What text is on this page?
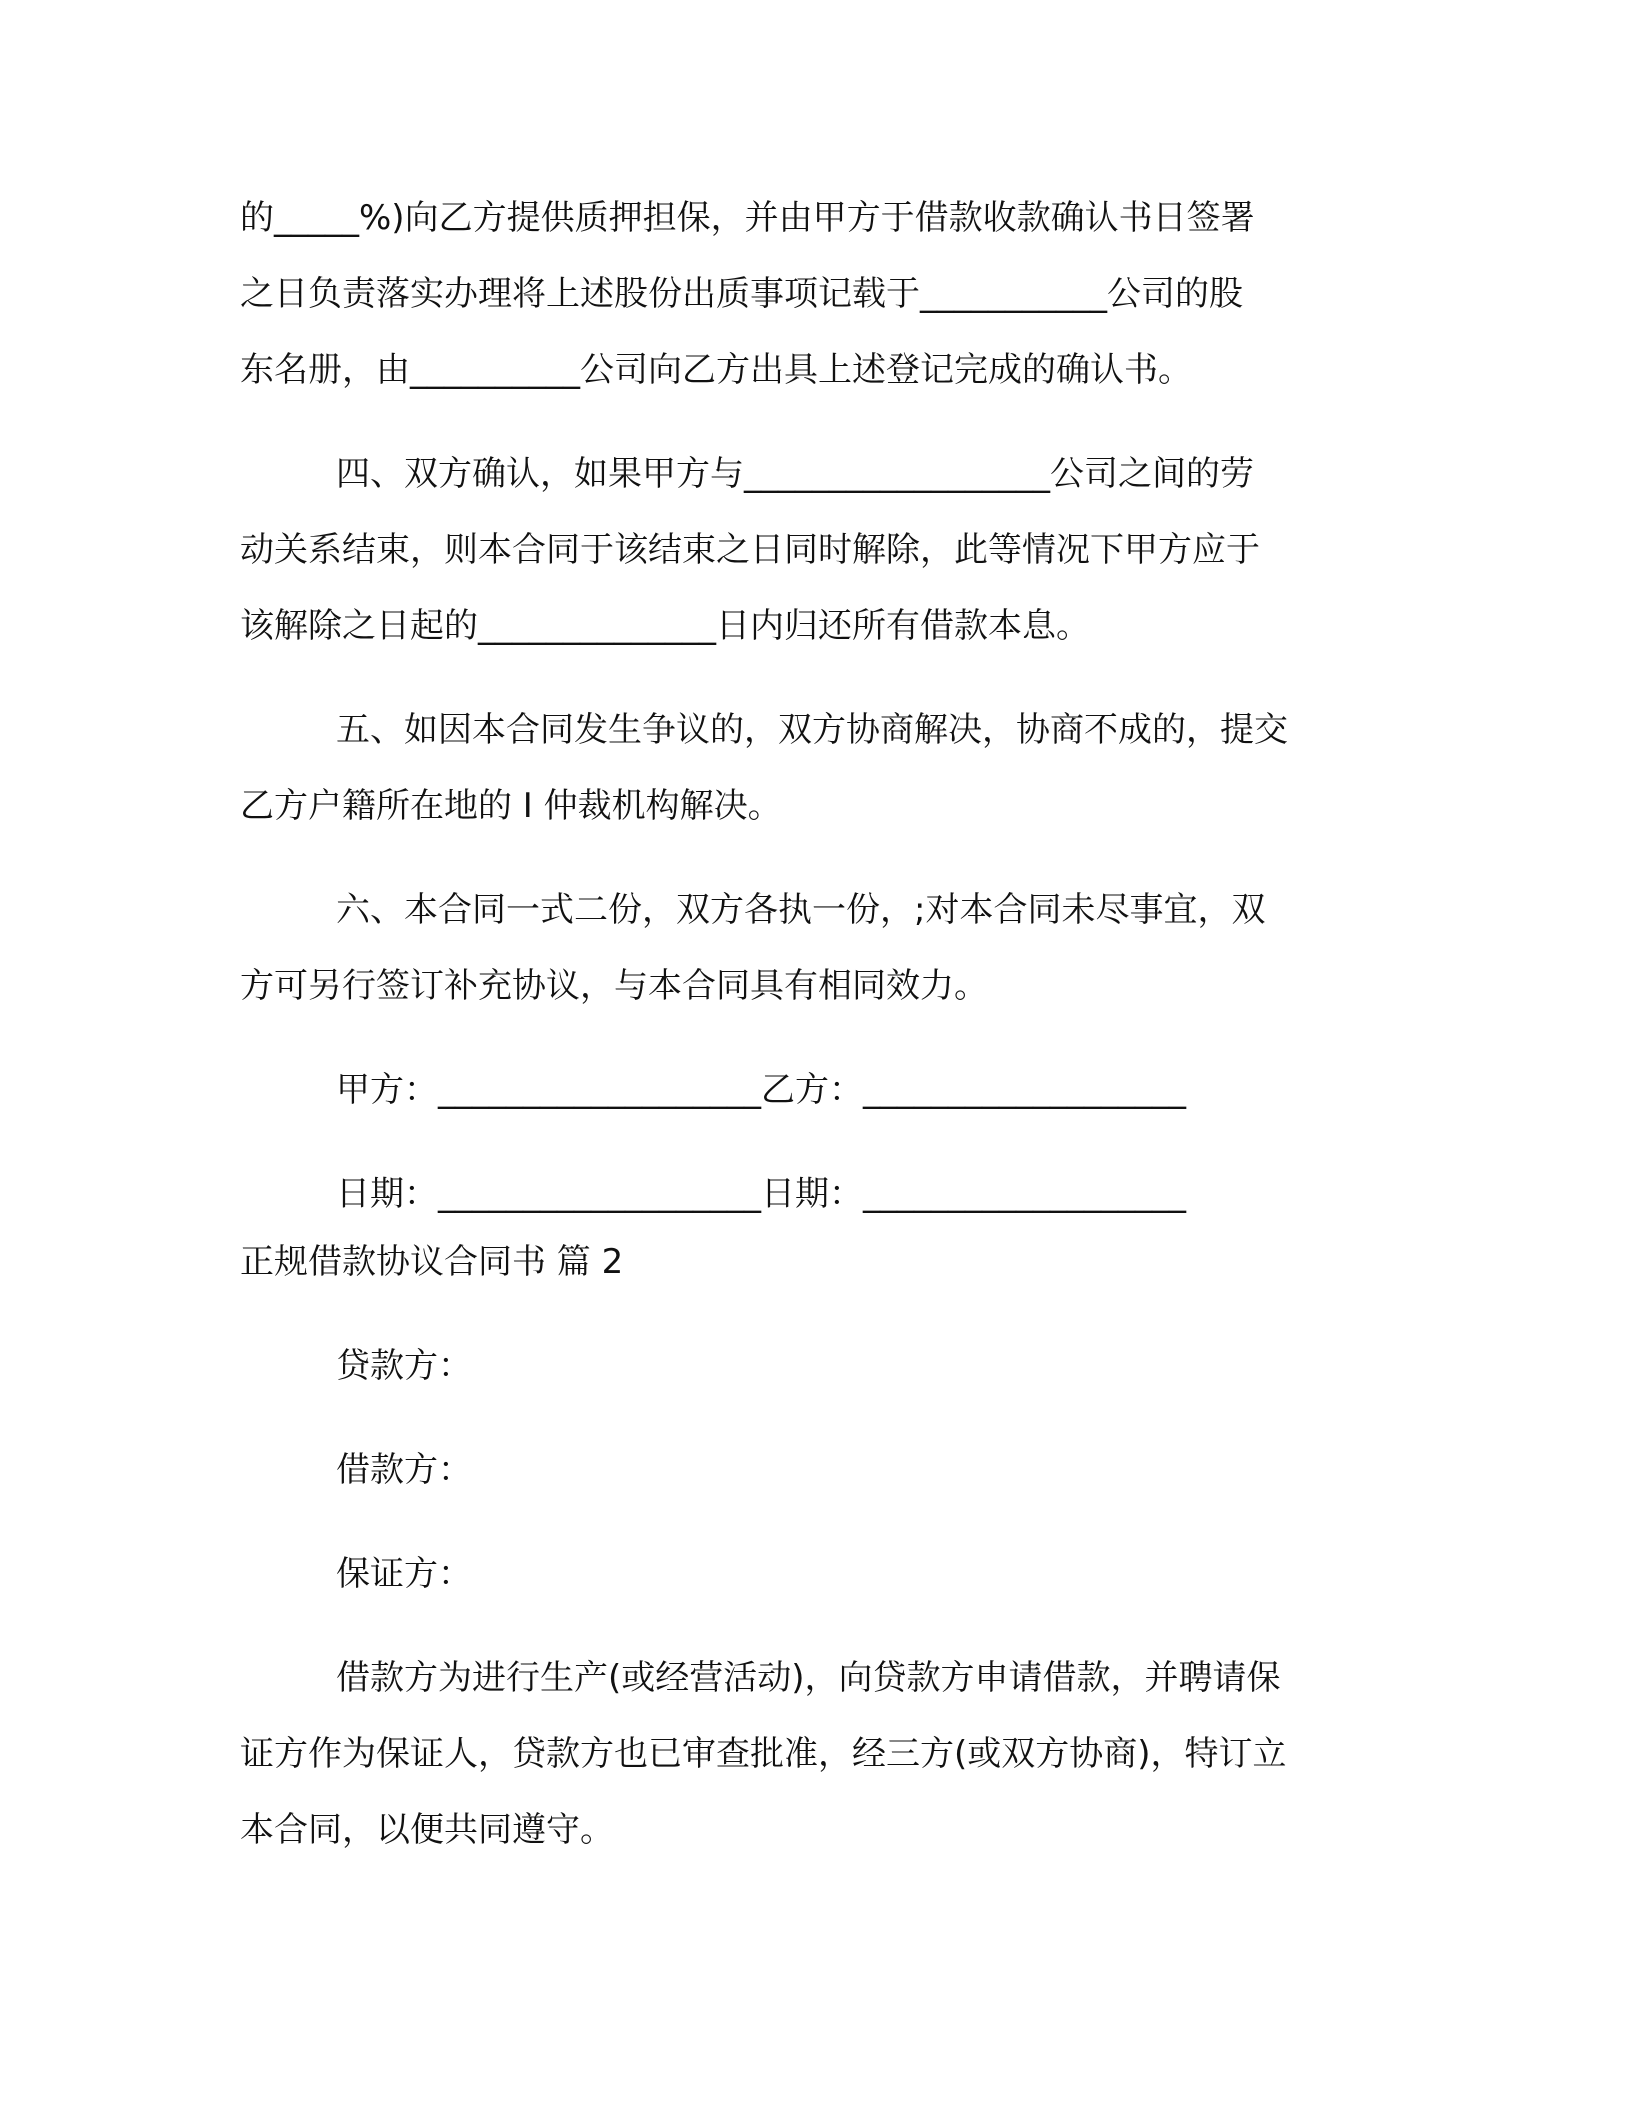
的_____%)向乙方提供质押担保，并由甲方于借款收款确认书日签署

之日负责落实办理将上述股份出质事项记载于___________公司的股

东名册，由__________公司向乙方出具上述登记完成的确认书。

四、双方确认，如果甲方与__________________公司之间的劳

动关系结束，则本合同于该结束之日同时解除，此等情况下甲方应于

该解除之日起的______________日内归还所有借款本息。

五、如因本合同发生争议的，双方协商解决，协商不成的，提交

乙方户籍所在地的 I 仲裁机构解决。

六、本合同一式二份，双方各执一份，;对本合同未尽事宜，双

方可另行签订补充协议，与本合同具有相同效力。

甲方：___________________乙方：___________________

日期：___________________日期：___________________

正规借款协议合同书 篇 2

贷款方：

借款方：

保证方：

借款方为进行生产(或经营活动)，向贷款方申请借款，并聘请保

证方作为保证人，贷款方也已审查批准，经三方(或双方协商)，特订立

本合同，以便共同遵守。
